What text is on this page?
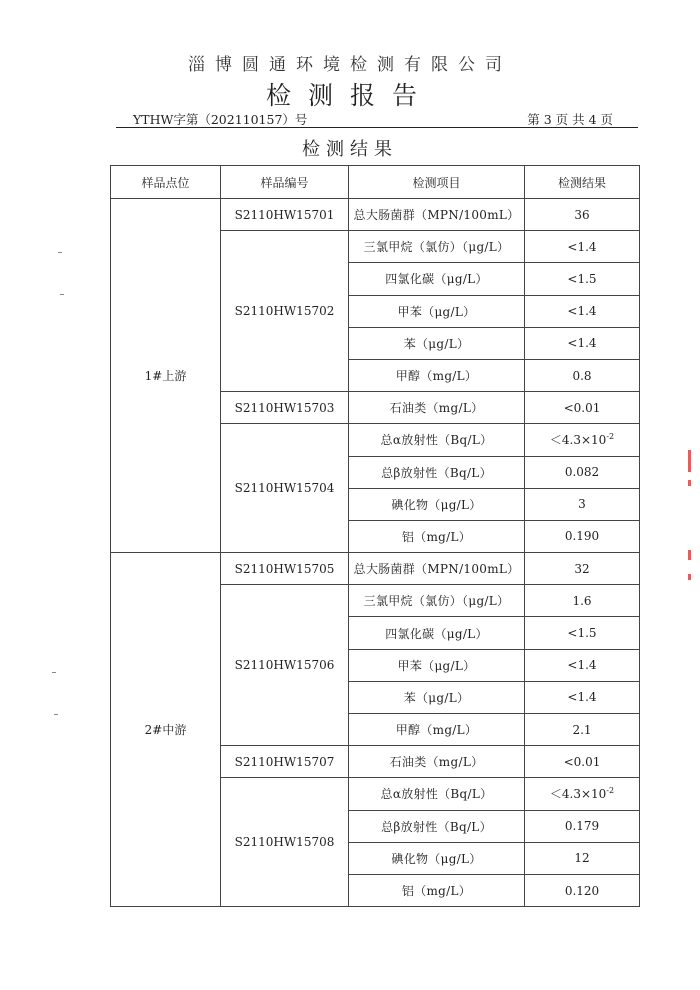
淄博圆通环境检测有限公司
检测报告
YTHW字第（202110157）号	第 3 页 共 4 页
检测结果
样品点位	样品编号	检测项目	检测结果
1#上游	S2110HW15701	总大肠菌群（MPN/100mL）	36
	S2110HW15702	三氯甲烷（氯仿）（μg/L）	<1.4
		四氯化碳（μg/L）	<1.5
		甲苯（μg/L）	<1.4
		苯（μg/L）	<1.4
		甲醇（mg/L）	0.8
	S2110HW15703	石油类（mg/L）	<0.01
	S2110HW15704	总α放射性（Bq/L）	$<4.3\times 10^{-2}$
		总β放射性（Bq/L）	0.082
		碘化物（μg/L）	3
		铝（mg/L）	0.190
2#中游	S2110HW15705	总大肠菌群（MPN/100mL）	32
	S2110HW15706	三氯甲烷（氯仿）（μg/L）	1.6
		四氯化碳（μg/L）	<1.5
		甲苯（μg/L）	<1.4
		苯（μg/L）	<1.4
		甲醇（mg/L）	2.1
	S2110HW15707	石油类（mg/L）	<0.01
	S2110HW15708	总α放射性（Bq/L）	$<4.3\times 10^{-2}$
		总β放射性（Bq/L）	0.179
		碘化物（μg/L）	12
		铝（mg/L）	0.120
